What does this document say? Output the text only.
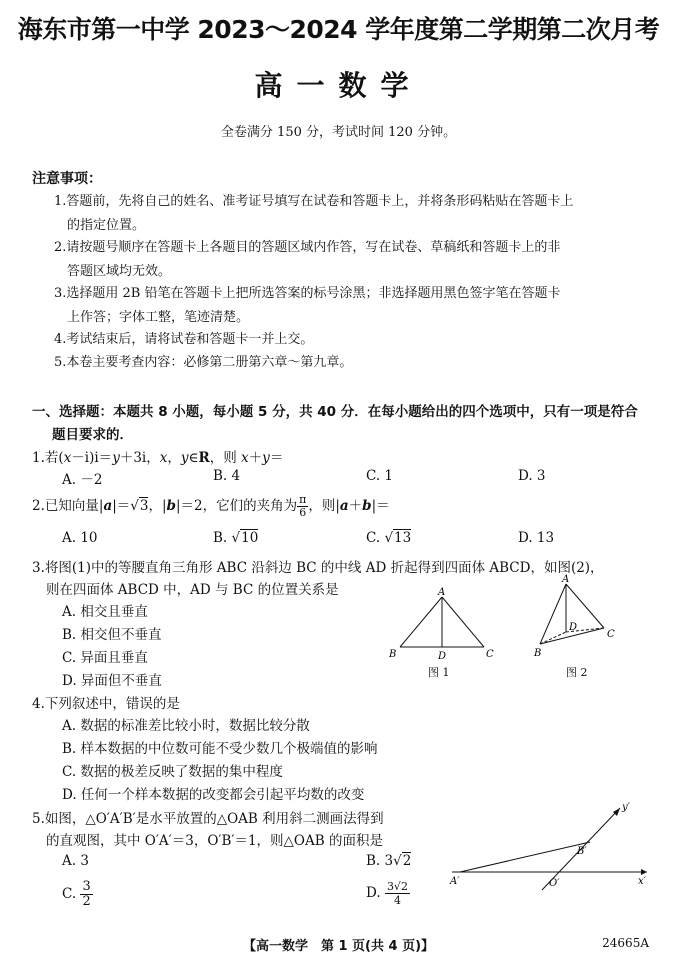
海东市第一中学 2023～2024 学年度第二学期第二次月考
高一数学
全卷满分 150 分，考试时间 120 分钟。
注意事项：
1.答题前，先将自己的姓名、准考证号填写在试卷和答题卡上，并将条形码粘贴在答题卡上
的指定位置。
2.请按题号顺序在答题卡上各题目的答题区域内作答，写在试卷、草稿纸和答题卡上的非
答题区域均无效。
3.选择题用 2B 铅笔在答题卡上把所选答案的标号涂黑；非选择题用黑色签字笔在答题卡
上作答；字体工整，笔迹清楚。
4.考试结束后，请将试卷和答题卡一并上交。
5.本卷主要考查内容：必修第二册第六章～第九章。
一、选择题：本题共 8 小题，每小题 5 分，共 40 分．在每小题给出的四个选项中，只有一项是符合
题目要求的．
1.若(x－i)i＝y＋3i，x，y∈R，则 x＋y＝
A. －2	B. 4	C. 1	D. 3
2.已知向量|a|＝√3，|b|＝2，它们的夹角为 $\frac{\pi}{6}$ ，则|a＋b|＝
A. 10	B. √10	C. √13	D. 13
3.将图(1)中的等腰直角三角形 ABC 沿斜边 BC 的中线 AD 折起得到四面体 ABCD，如图(2)，
则在四面体 ABCD 中，AD 与 BC 的位置关系是
A. 相交且垂直
B. 相交但不垂直
C. 异面且垂直
D. 异面但不垂直
A
B	D	C
图 1
A
D
C
B
图 2
4.下列叙述中，错误的是
A. 数据的标准差比较小时，数据比较分散
B. 样本数据的中位数可能不受少数几个极端值的影响
C. 数据的极差反映了数据的集中程度
D. 任何一个样本数据的改变都会引起平均数的改变
5.如图，△O′A′B′是水平放置的△OAB 利用斜二测画法得到
的直观图，其中 O′A′＝3，O′B′＝1，则△OAB 的面积是
A. 3	B. 3√2
C. $\frac{3}{2}$	D. $\frac{3√2}{4}$
y′
x′
A′
B′
O′
【高一数学　第 1 页(共 4 页)】	24665A
